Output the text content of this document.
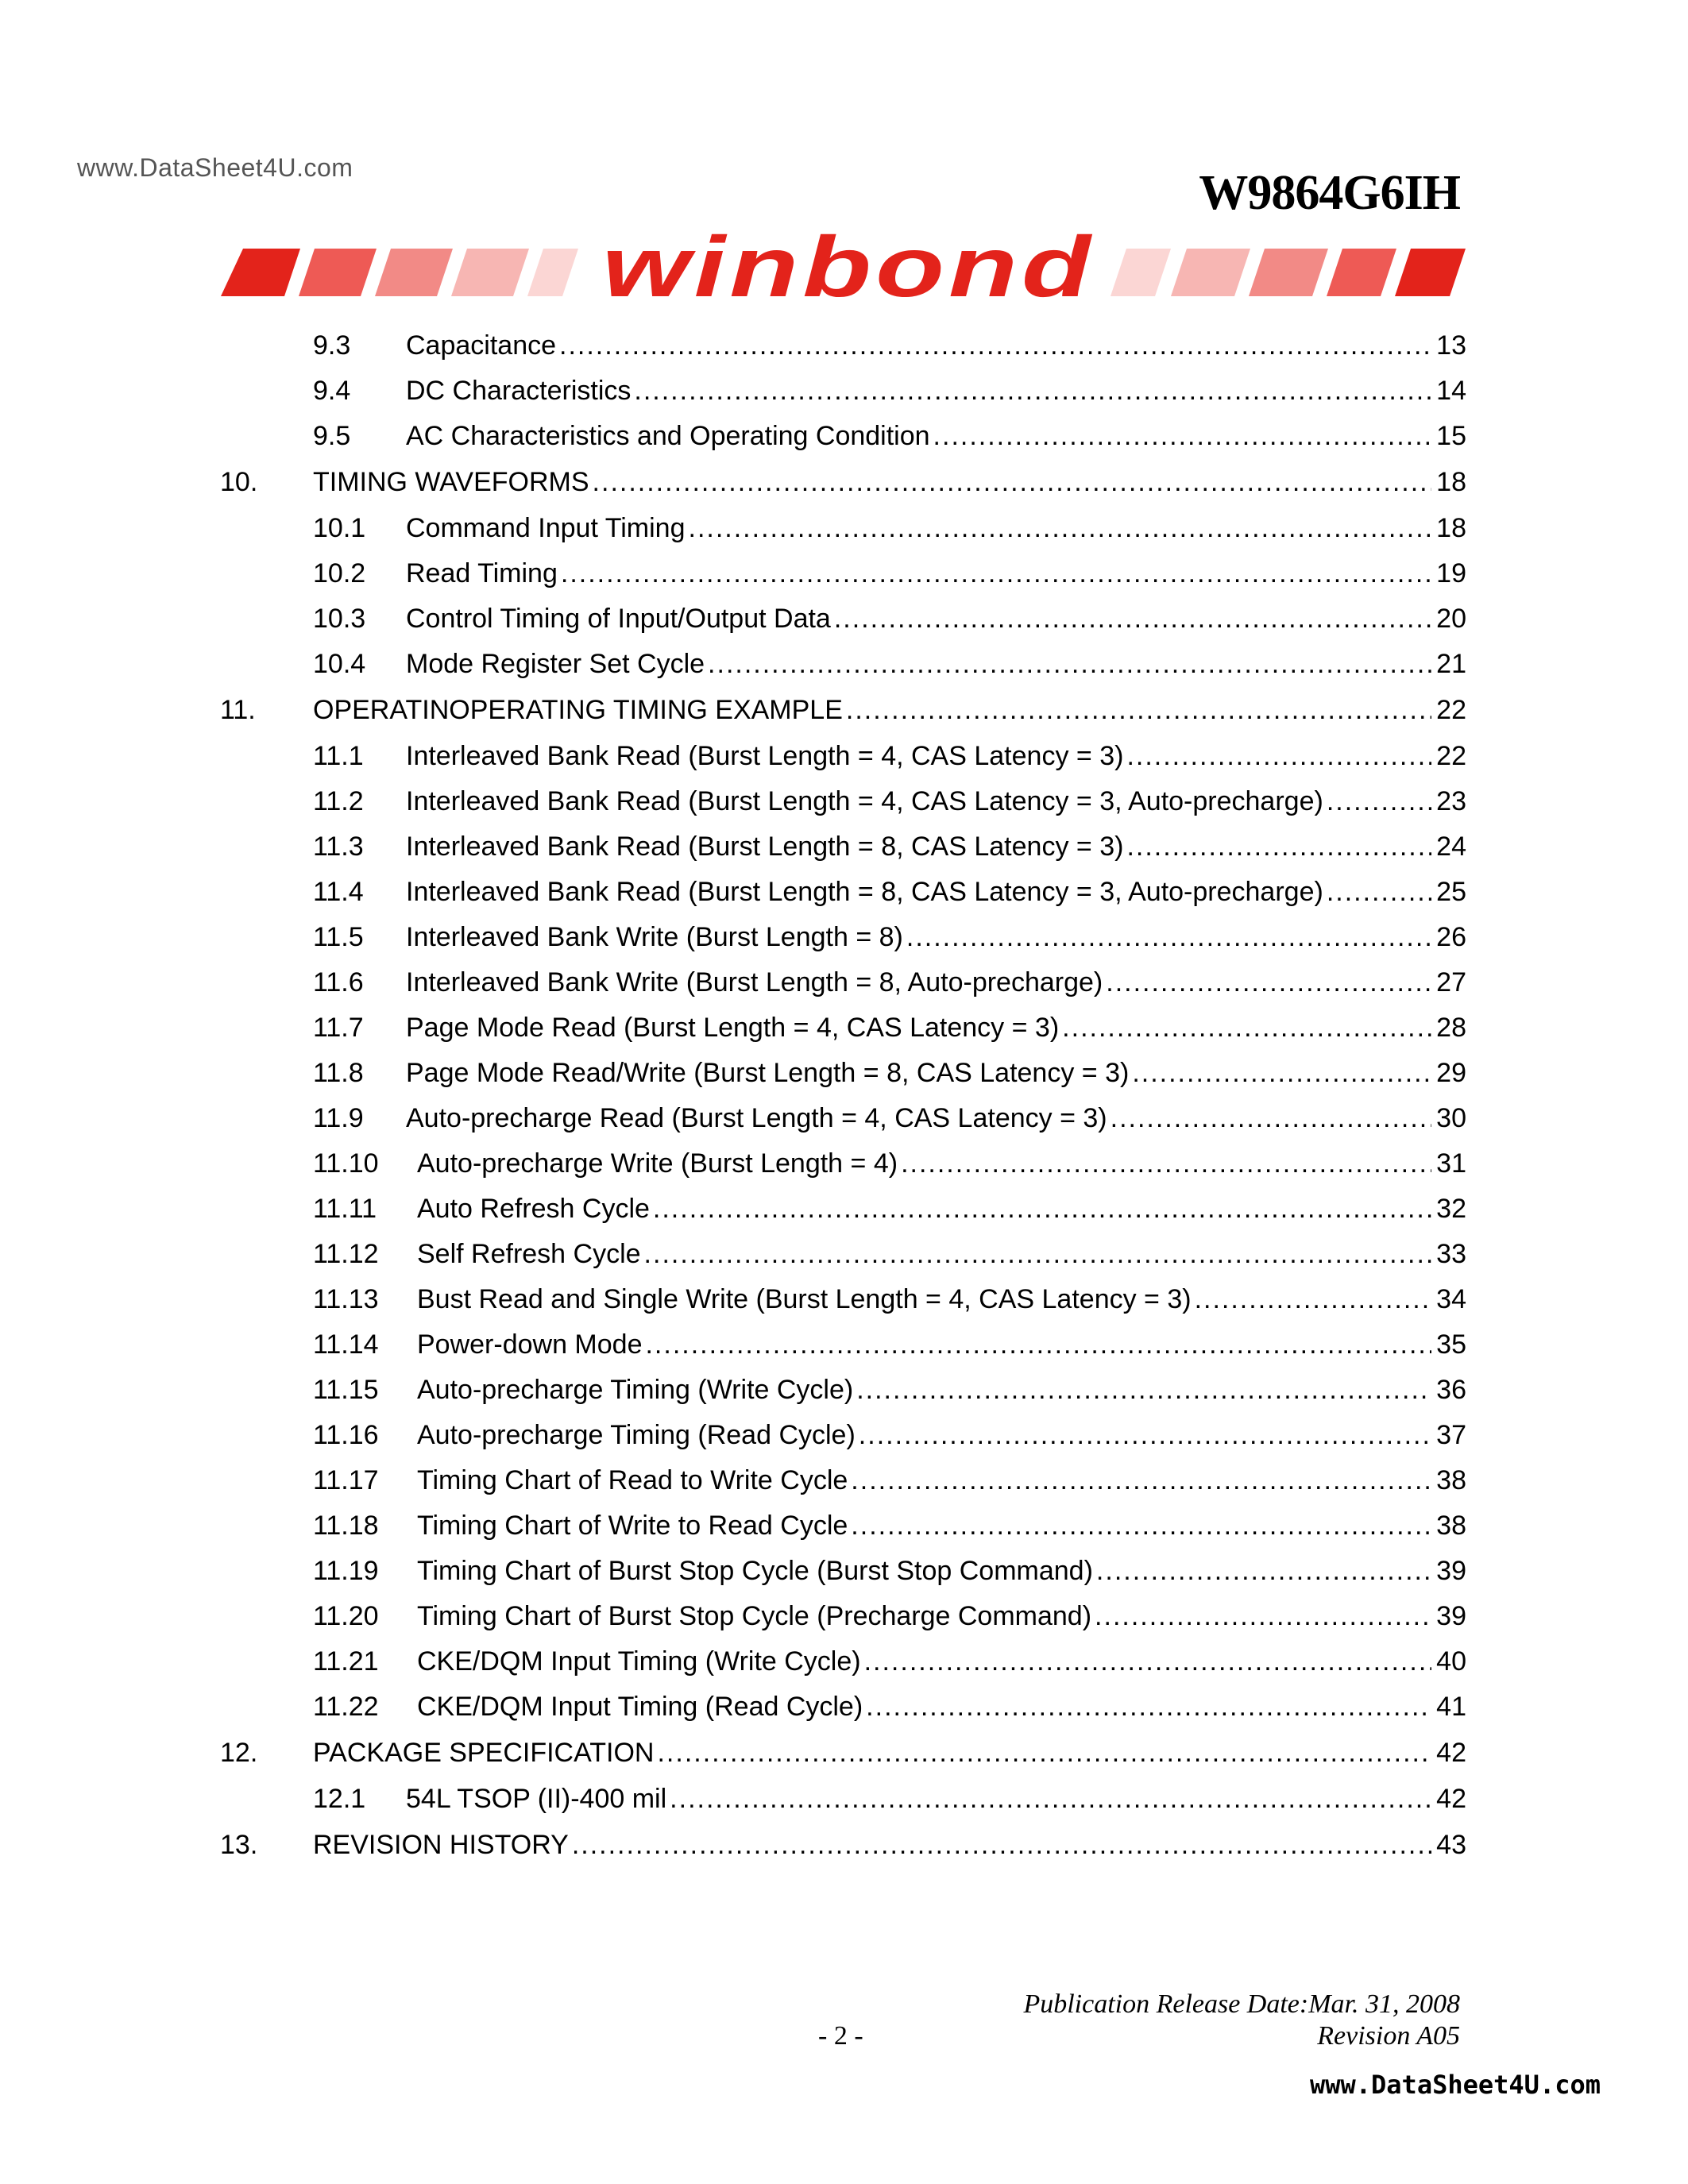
www.DataSheet4U.com	W9864G6IH
winbond
9.3	Capacitance .....	13
9.4	DC Characteristics .....	14
9.5	AC Characteristics and Operating Condition .....	15
10.	TIMING WAVEFORMS .....	18
10.1	Command Input Timing .....	18
10.2	Read Timing .....	19
10.3	Control Timing of Input/Output Data .....	20
10.4	Mode Register Set Cycle .....	21
11.	OPERATINOPERATING TIMING EXAMPLE .....	22
11.1	Interleaved Bank Read (Burst Length = 4, CAS Latency = 3) .....	22
11.2	Interleaved Bank Read (Burst Length = 4, CAS Latency = 3, Auto-precharge) .....	23
11.3	Interleaved Bank Read (Burst Length = 8, CAS Latency = 3) .....	24
11.4	Interleaved Bank Read (Burst Length = 8, CAS Latency = 3, Auto-precharge) .....	25
11.5	Interleaved Bank Write (Burst Length = 8) .....	26
11.6	Interleaved Bank Write (Burst Length = 8, Auto-precharge) .....	27
11.7	Page Mode Read (Burst Length = 4, CAS Latency = 3) .....	28
11.8	Page Mode Read/Write (Burst Length = 8, CAS Latency = 3) .....	29
11.9	Auto-precharge Read (Burst Length = 4, CAS Latency = 3) .....	30
11.10	Auto-precharge Write (Burst Length = 4) .....	31
11.11	Auto Refresh Cycle .....	32
11.12	Self Refresh Cycle .....	33
11.13	Bust Read and Single Write (Burst Length = 4, CAS Latency = 3) .....	34
11.14	Power-down Mode .....	35
11.15	Auto-precharge Timing (Write Cycle) .....	36
11.16	Auto-precharge Timing (Read Cycle) .....	37
11.17	Timing Chart of Read to Write Cycle .....	38
11.18	Timing Chart of Write to Read Cycle .....	38
11.19	Timing Chart of Burst Stop Cycle (Burst Stop Command) .....	39
11.20	Timing Chart of Burst Stop Cycle (Precharge Command) .....	39
11.21	CKE/DQM Input Timing (Write Cycle) .....	40
11.22	CKE/DQM Input Timing (Read Cycle) .....	41
12.	PACKAGE SPECIFICATION .....	42
12.1	54L TSOP (II)-400 mil .....	42
13.	REVISION HISTORY .....	43
Publication Release Date:Mar. 31, 2008
- 2 -	Revision A05
www.DataSheet4U.com
